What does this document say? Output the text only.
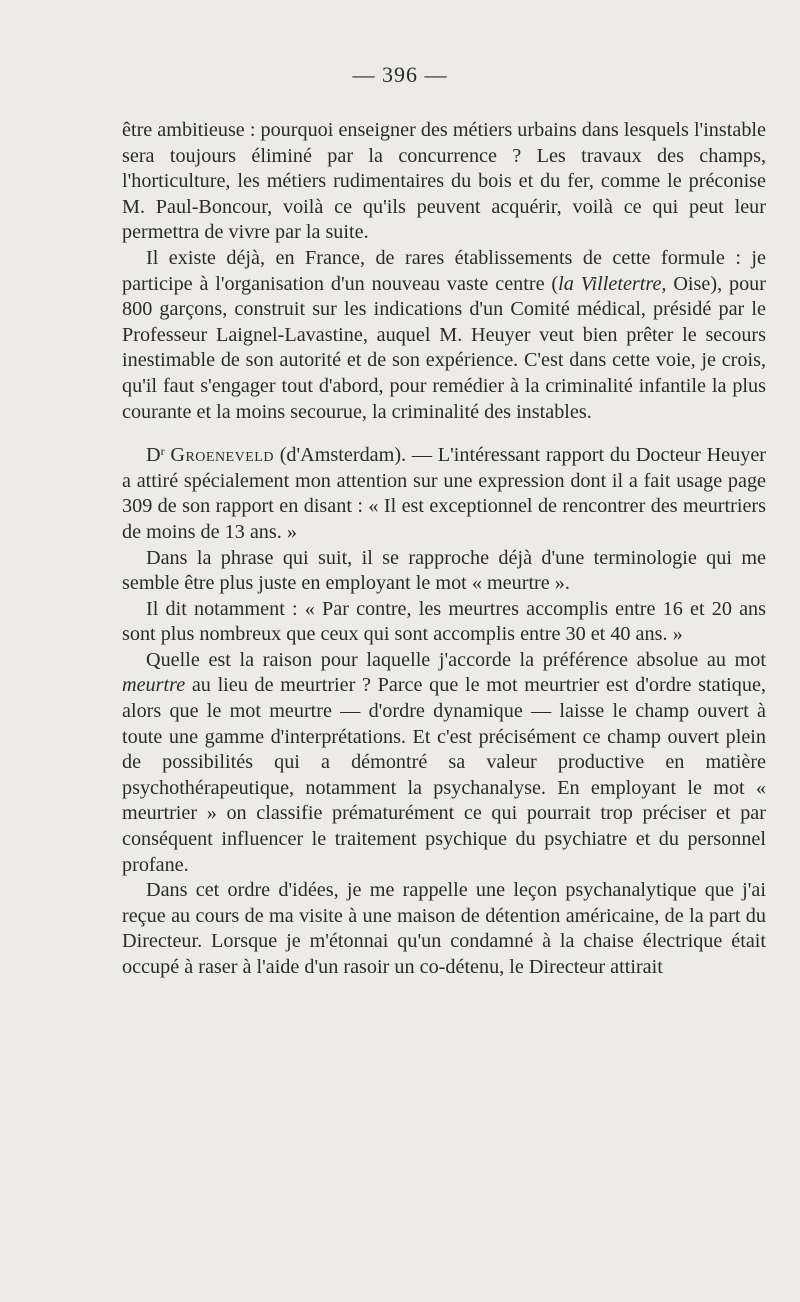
— 396 —

être ambitieuse : pourquoi enseigner des métiers urbains dans lesquels l'instable sera toujours éliminé par la concurrence ? Les travaux des champs, l'horticulture, les métiers rudimentaires du bois et du fer, comme le préconise M. Paul-Boncour, voilà ce qu'ils peuvent acquérir, voilà ce qui peut leur permettra de vivre par la suite.

Il existe déjà, en France, de rares établissements de cette formule : je participe à l'organisation d'un nouveau vaste centre (la Villetertre, Oise), pour 800 garçons, construit sur les indications d'un Comité médical, présidé par le Professeur Laignel-Lavastine, auquel M. Heuyer veut bien prêter le secours inestimable de son autorité et de son expérience. C'est dans cette voie, je crois, qu'il faut s'engager tout d'abord, pour remédier à la criminalité infantile la plus courante et la moins secourue, la criminalité des instables.

$D^r$ Groeneveld (d'Amsterdam). — L'intéressant rapport du Docteur Heuyer a attiré spécialement mon attention sur une expression dont il a fait usage page 309 de son rapport en disant : « Il est exceptionnel de rencontrer des meurtriers de moins de 13 ans. »

Dans la phrase qui suit, il se rapproche déjà d'une terminologie qui me semble être plus juste en employant le mot « meurtre ».

Il dit notamment : « Par contre, les meurtres accomplis entre 16 et 20 ans sont plus nombreux que ceux qui sont accomplis entre 30 et 40 ans. »

Quelle est la raison pour laquelle j'accorde la préférence absolue au mot meurtre au lieu de meurtrier ? Parce que le mot meurtrier est d'ordre statique, alors que le mot meurtre — d'ordre dynamique — laisse le champ ouvert à toute une gamme d'interprétations. Et c'est précisément ce champ ouvert plein de possibilités qui a démontré sa valeur productive en matière psychothérapeutique, notamment la psychanalyse. En employant le mot « meurtrier » on classifie prématurément ce qui pourrait trop préciser et par conséquent influencer le traitement psychique du psychiatre et du personnel profane.

Dans cet ordre d'idées, je me rappelle une leçon psychanalytique que j'ai reçue au cours de ma visite à une maison de détention américaine, de la part du Directeur. Lorsque je m'étonnai qu'un condamné à la chaise électrique était occupé à raser à l'aide d'un rasoir un co-détenu, le Directeur attirait
